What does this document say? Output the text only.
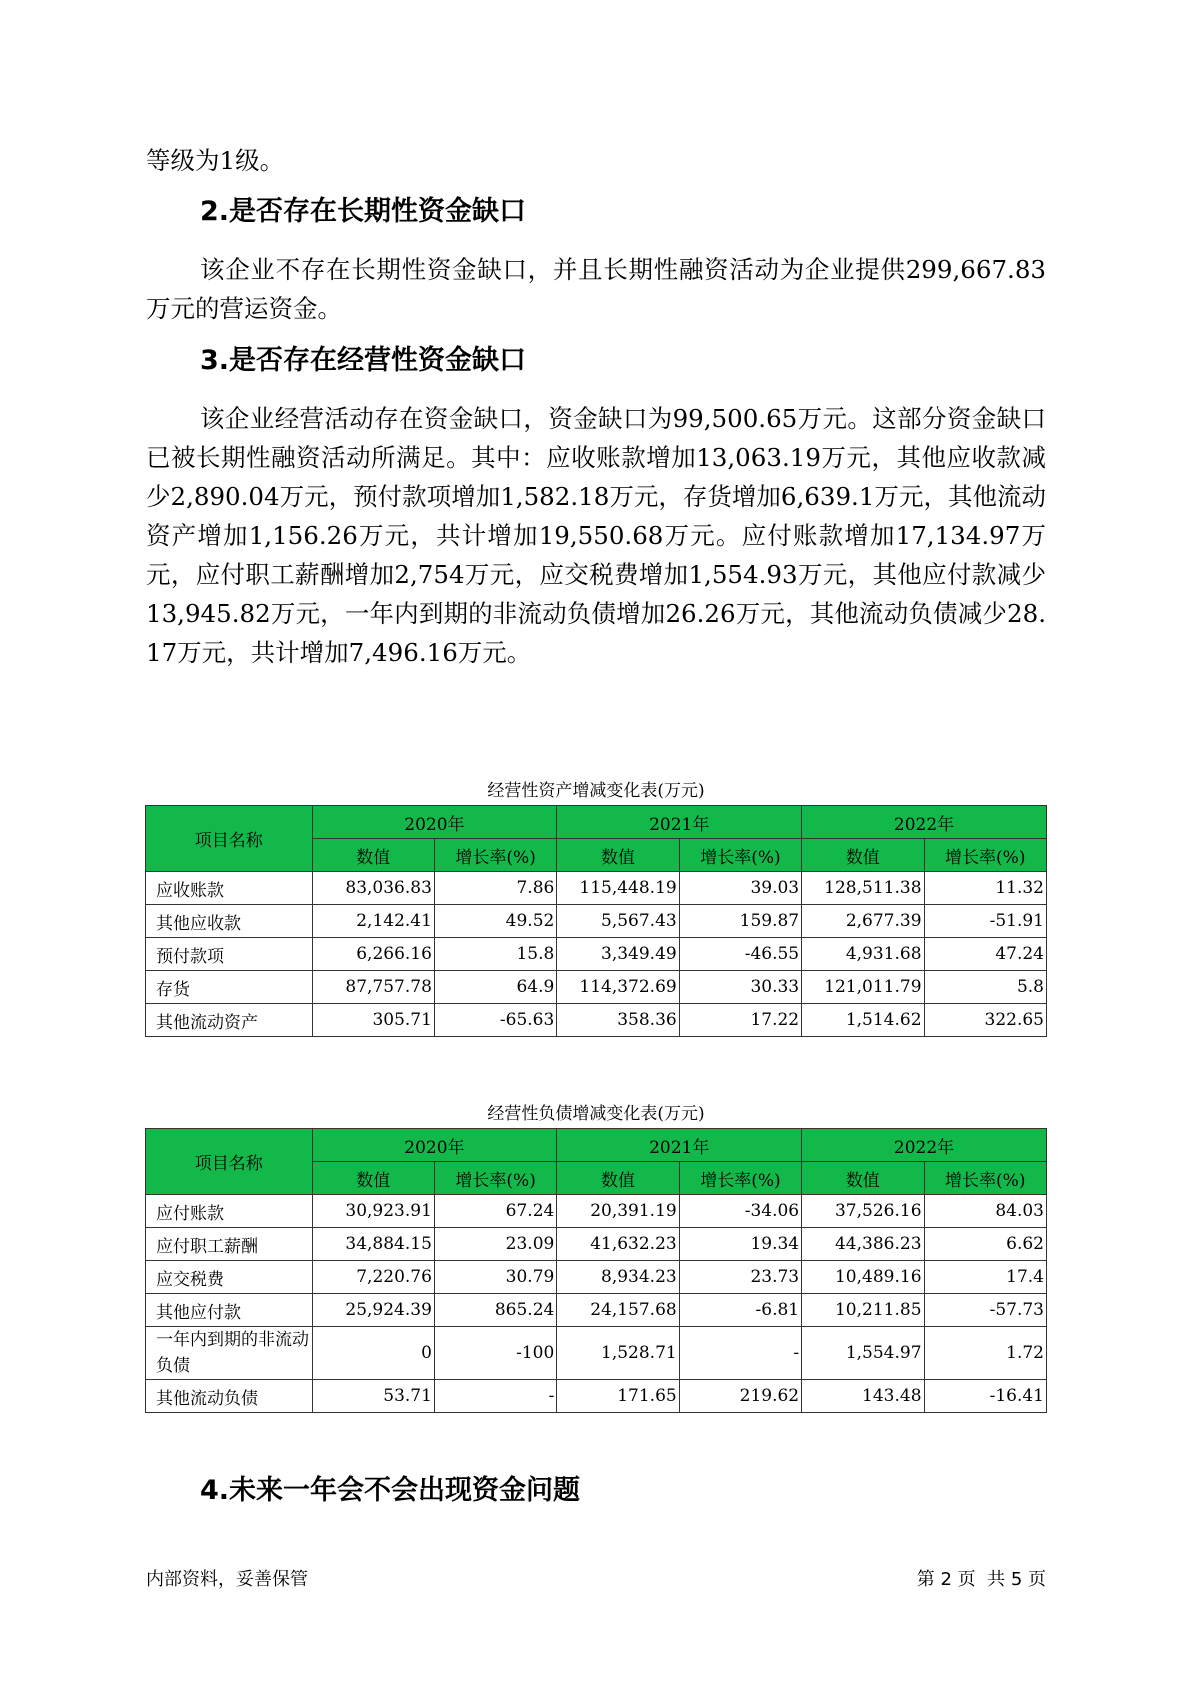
等级为1级。

2.是否存在长期性资金缺口

该企业不存在长期性资金缺口，并且长期性融资活动为企业提供299,667.83万元的营运资金。

3.是否存在经营性资金缺口

该企业经营活动存在资金缺口，资金缺口为99,500.65万元。这部分资金缺口已被长期性融资活动所满足。其中：应收账款增加13,063.19万元，其他应收款减少2,890.04万元，预付款项增加1,582.18万元，存货增加6,639.1万元，其他流动资产增加1,156.26万元，共计增加19,550.68万元。应付账款增加17,134.97万元，应付职工薪酬增加2,754万元，应交税费增加1,554.93万元，其他应付款减少13,945.82万元，一年内到期的非流动负债增加26.26万元，其他流动负债减少28.17万元，共计增加7,496.16万元。

经营性资产增减变化表(万元)

项目名称	2020年		2021年		2022年	
	数值	增长率(%)	数值	增长率(%)	数值	增长率(%)
应收账款	83,036.83	7.86	115,448.19	39.03	128,511.38	11.32
其他应收款	2,142.41	49.52	5,567.43	159.87	2,677.39	-51.91
预付款项	6,266.16	15.8	3,349.49	-46.55	4,931.68	47.24
存货	87,757.78	64.9	114,372.69	30.33	121,011.79	5.8
其他流动资产	305.71	-65.63	358.36	17.22	1,514.62	322.65

经营性负债增减变化表(万元)

项目名称	2020年		2021年		2022年	
	数值	增长率(%)	数值	增长率(%)	数值	增长率(%)
应付账款	30,923.91	67.24	20,391.19	-34.06	37,526.16	84.03
应付职工薪酬	34,884.15	23.09	41,632.23	19.34	44,386.23	6.62
应交税费	7,220.76	30.79	8,934.23	23.73	10,489.16	17.4
其他应付款	25,924.39	865.24	24,157.68	-6.81	10,211.85	-57.73
一年内到期的非流动负债	0	-100	1,528.71	-	1,554.97	1.72
其他流动负债	53.71	-	171.65	219.62	143.48	-16.41
4.未来一年会不会出现资金问题
内部资料，妥善保管	第 2 页  共 5 页
